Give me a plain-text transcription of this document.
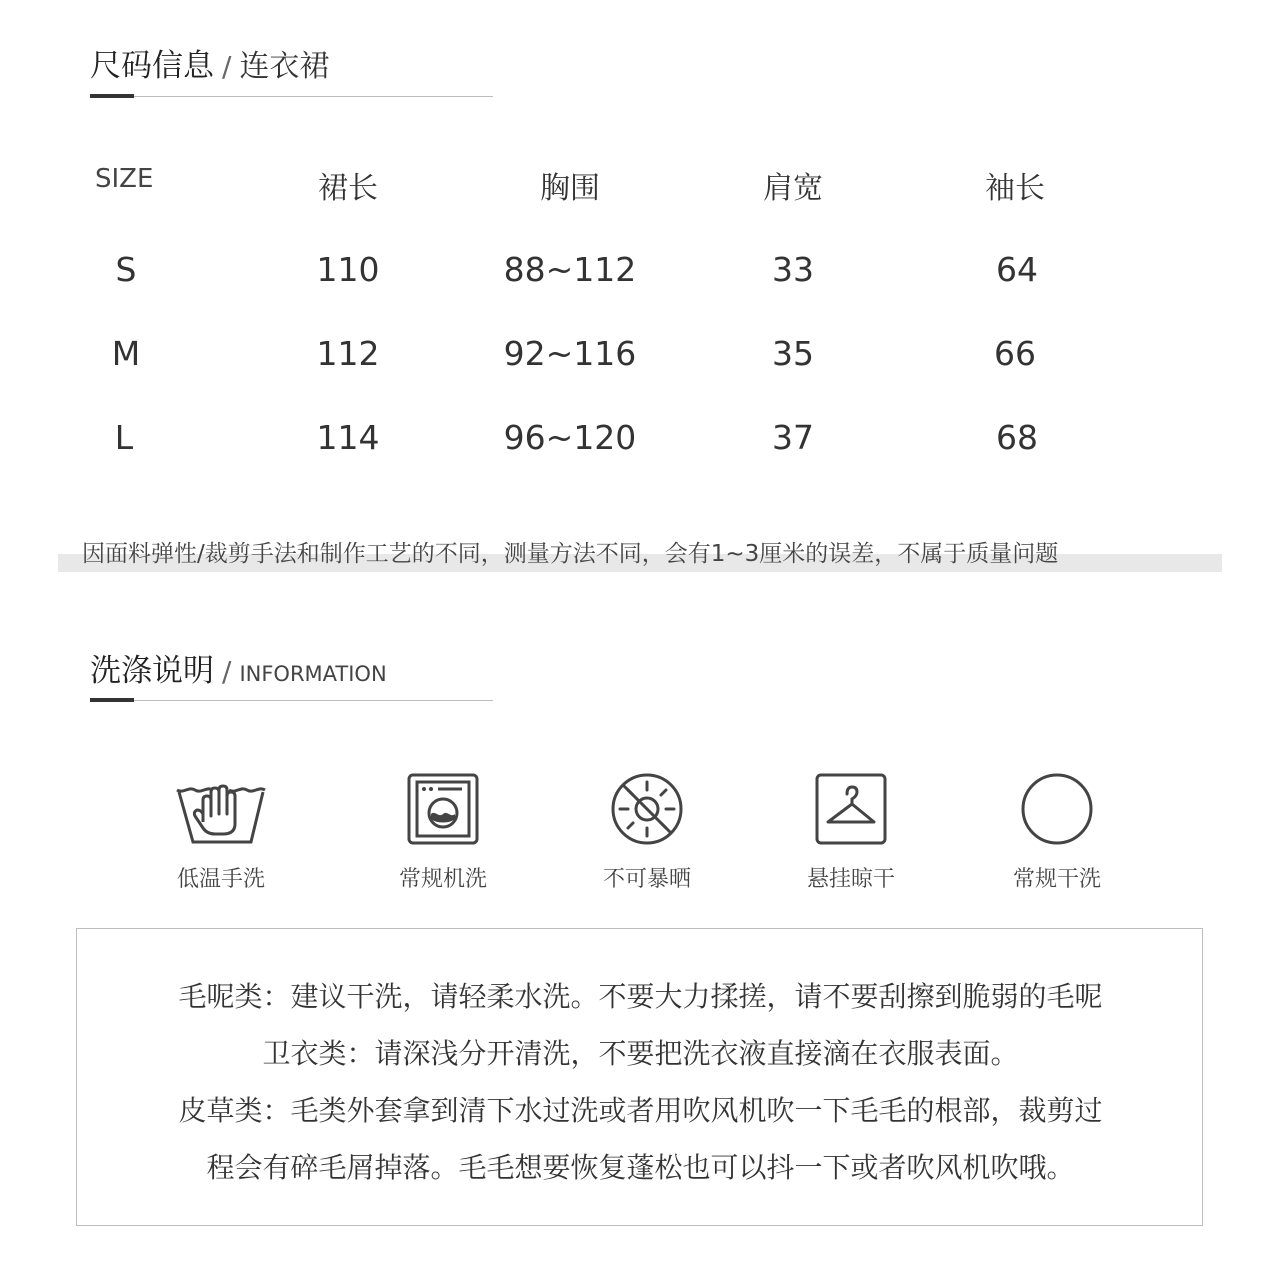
尺码信息 / 连衣裙
SIZE	裙长	胸围	肩宽	袖长
S	110	88~112	33	64
M	112	92~116	35	66
L	114	96~120	37	68
因面料弹性/裁剪手法和制作工艺的不同，测量方法不同，会有1~3厘米的误差，不属于质量问题
洗涤说明 / INFORMATION
低温手洗	常规机洗	不可暴晒	悬挂晾干	常规干洗
毛呢类：建议干洗，请轻柔水洗。不要大力揉搓，请不要刮擦到脆弱的毛呢
卫衣类：请深浅分开清洗，不要把洗衣液直接滴在衣服表面。
皮草类：毛类外套拿到清下水过洗或者用吹风机吹一下毛毛的根部，裁剪过
程会有碎毛屑掉落。毛毛想要恢复蓬松也可以抖一下或者吹风机吹哦。
